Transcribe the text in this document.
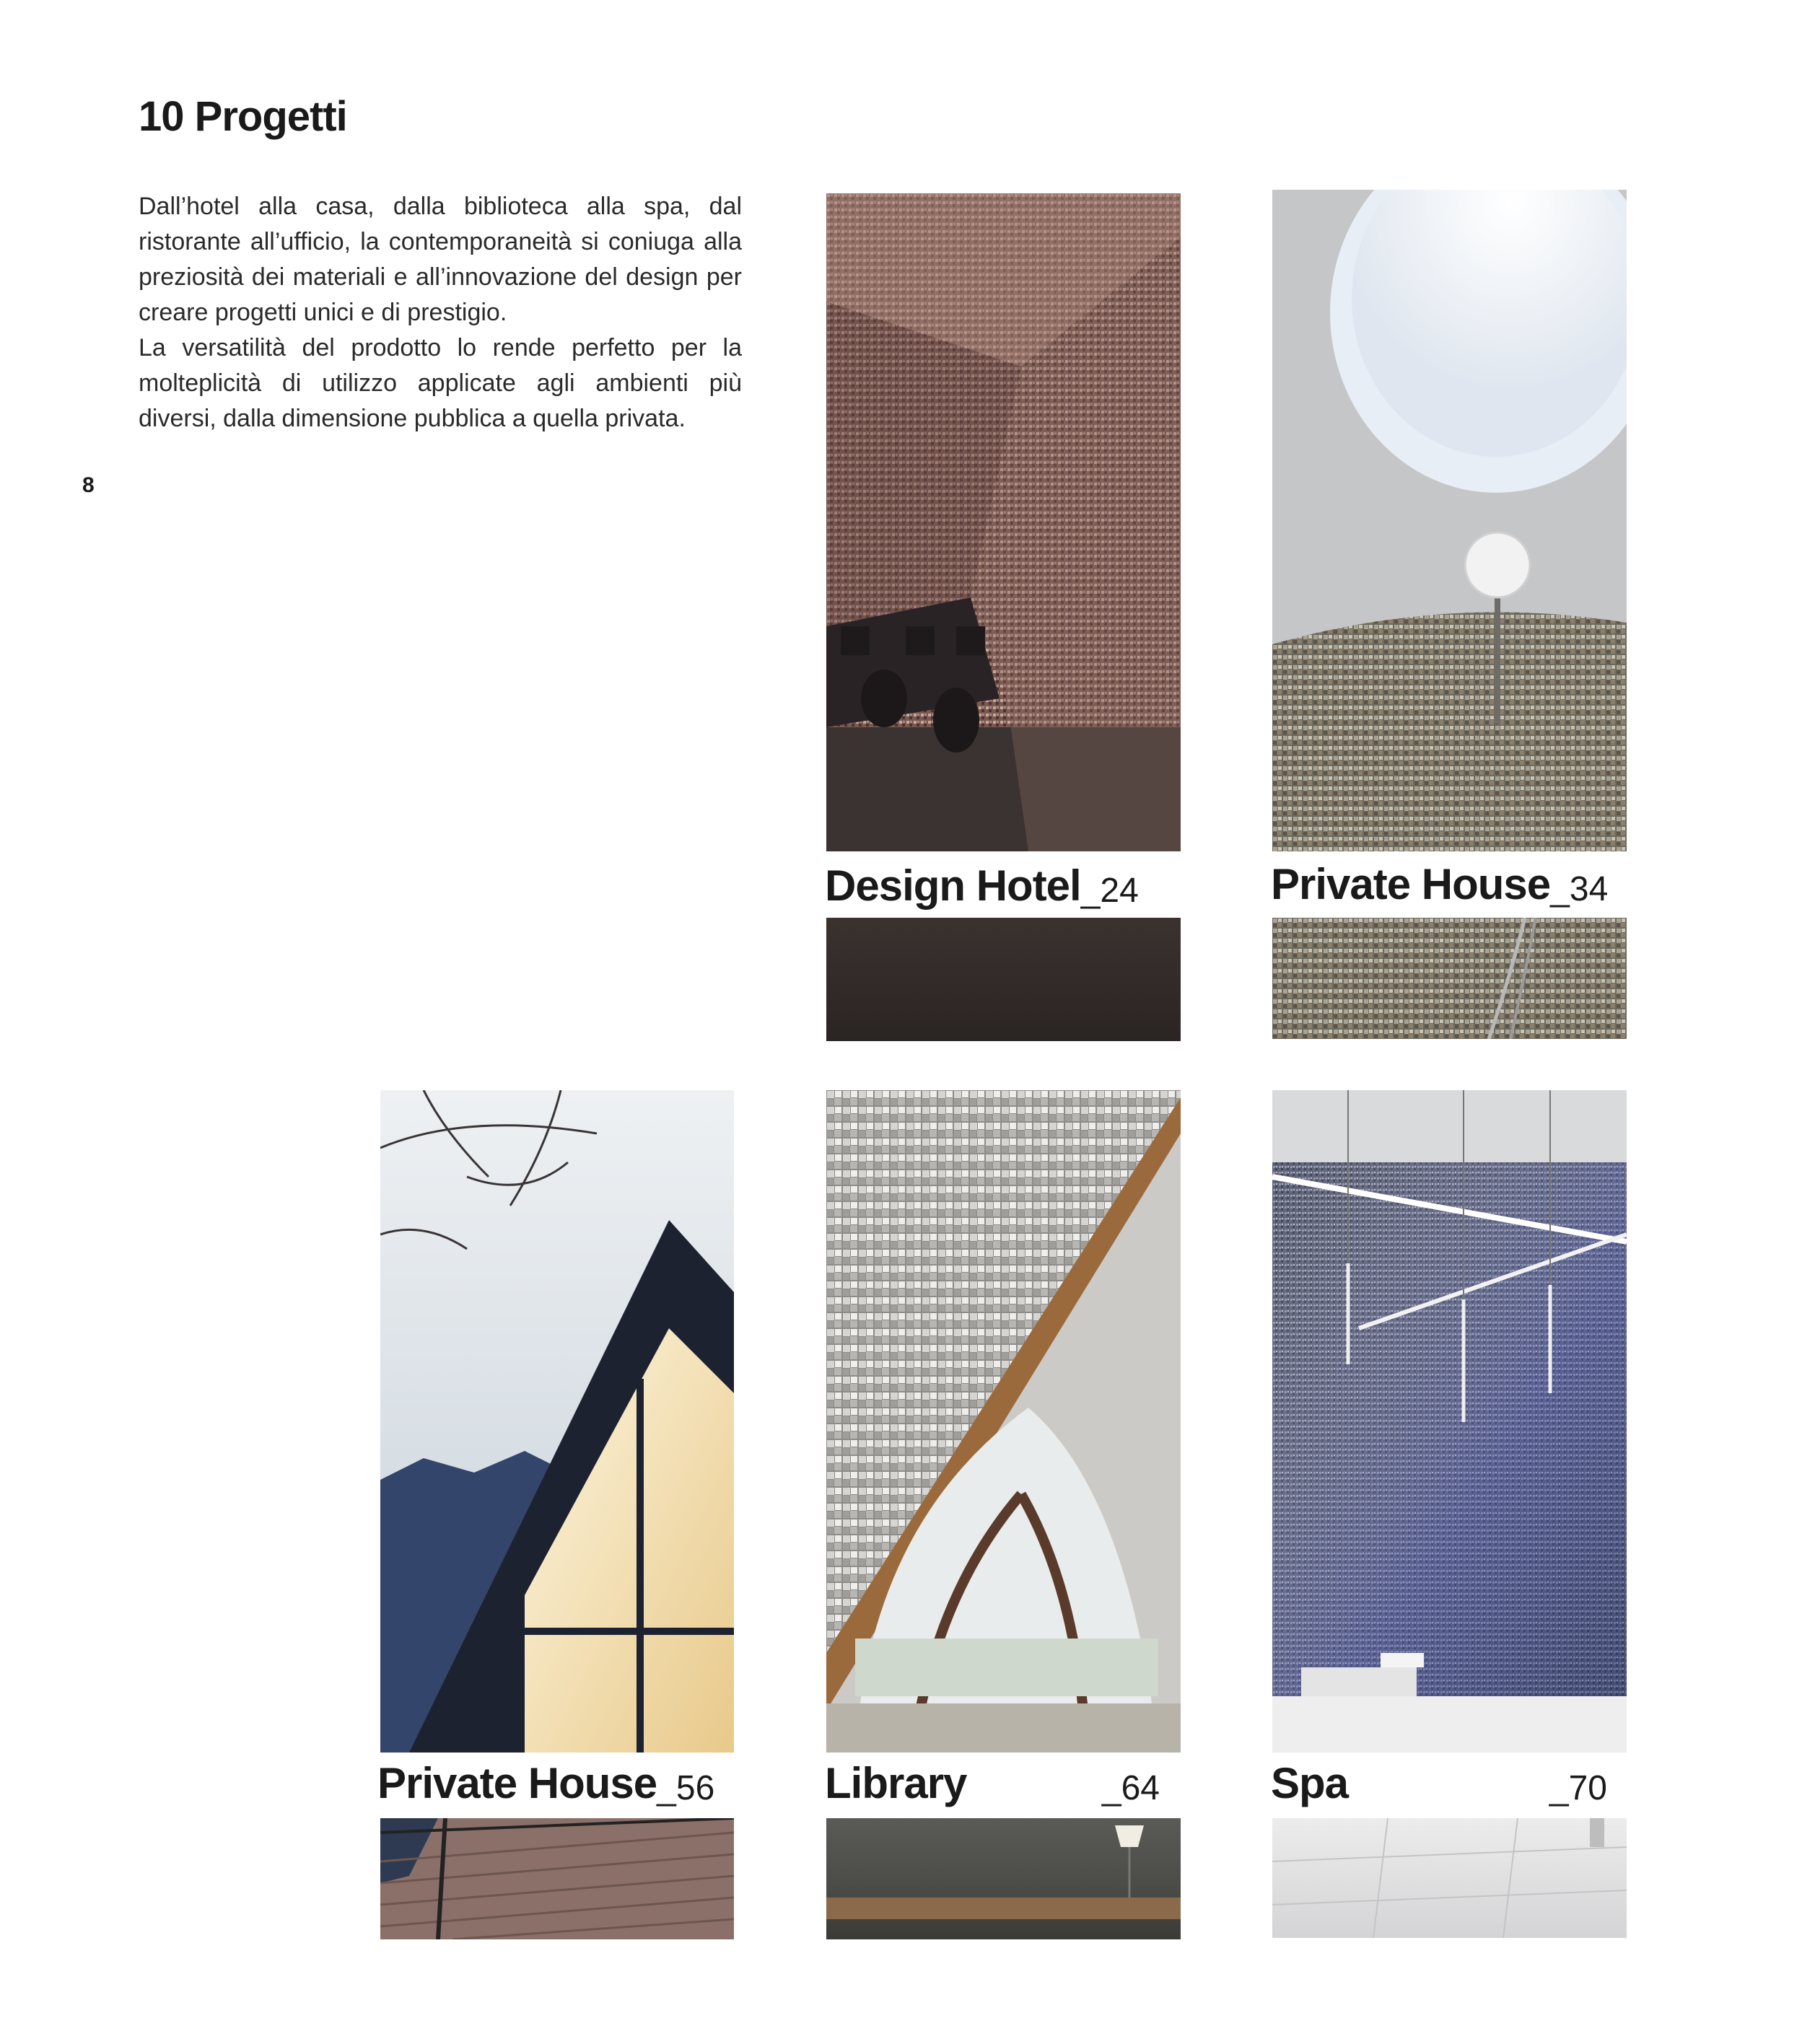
10 Progetti

Dall’hotel alla casa, dalla biblioteca alla spa, dal ristorante all’ufficio, la contemporaneità si coniuga alla preziosità dei materiali e all’innovazione del design per creare progetti unici e di prestigio.

La versatilità del prodotto lo rende perfetto per la molteplicità di utilizzo applicate agli ambienti più diversi, dalla dimensione pubblica a quella privata.

8
Design Hotel _24	Private House _34
Private House _56	Library	_64	Spa	_70
